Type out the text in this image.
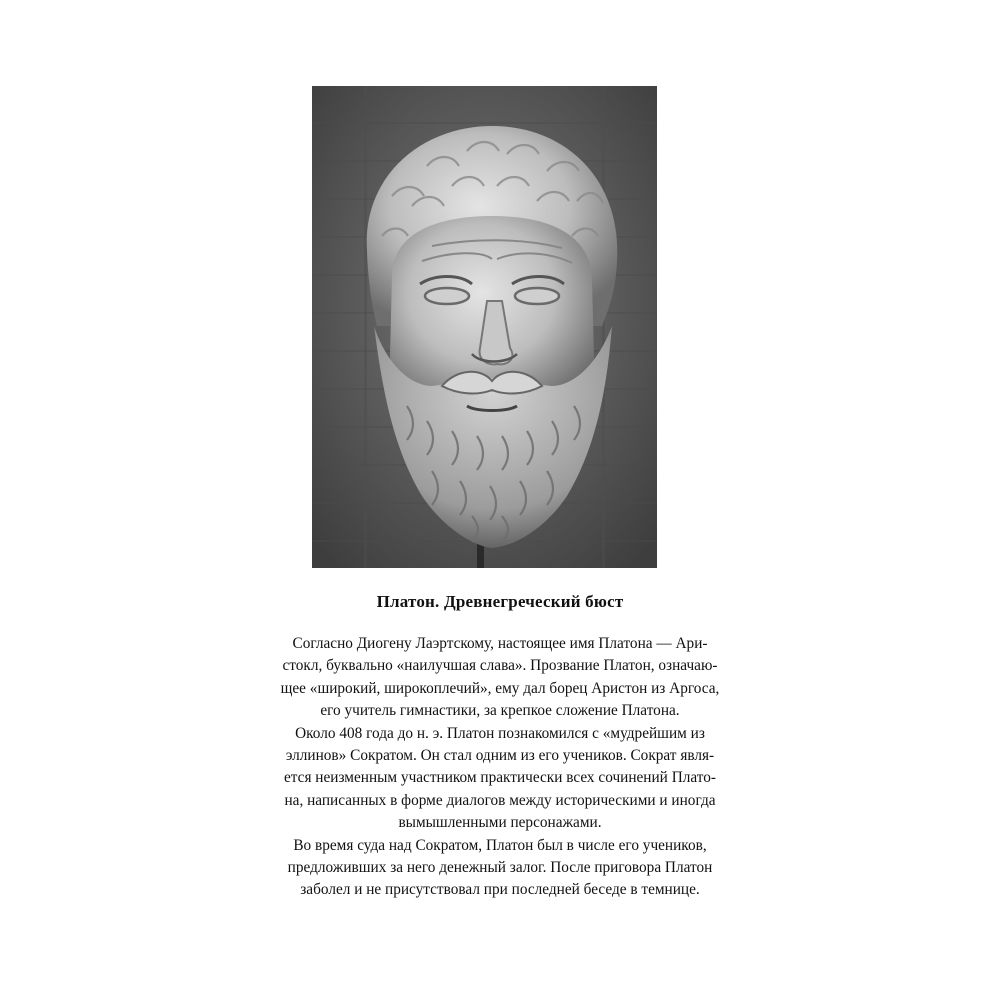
Платон. Древнегреческий бюст
Согласно Диогену Лаэртскому, настоящее имя Платона — Ари-
стокл, буквально «наилучшая слава». Прозвание Платон, означаю-
щее «широкий, широкоплечий», ему дал борец Аристон из Аргоса,
его учитель гимнастики, за крепкое сложение Платона.
Около 408 года до н. э. Платон познакомился с «мудрейшим из
эллинов» Сократом. Он стал одним из его учеников. Сократ явля-
ется неизменным участником практически всех сочинений Плато-
на, написанных в форме диалогов между историческими и иногда
вымышленными персонажами.
Во время суда над Сократом, Платон был в числе его учеников,
предложивших за него денежный залог. После приговора Платон
заболел и не присутствовал при последней беседе в темнице.
